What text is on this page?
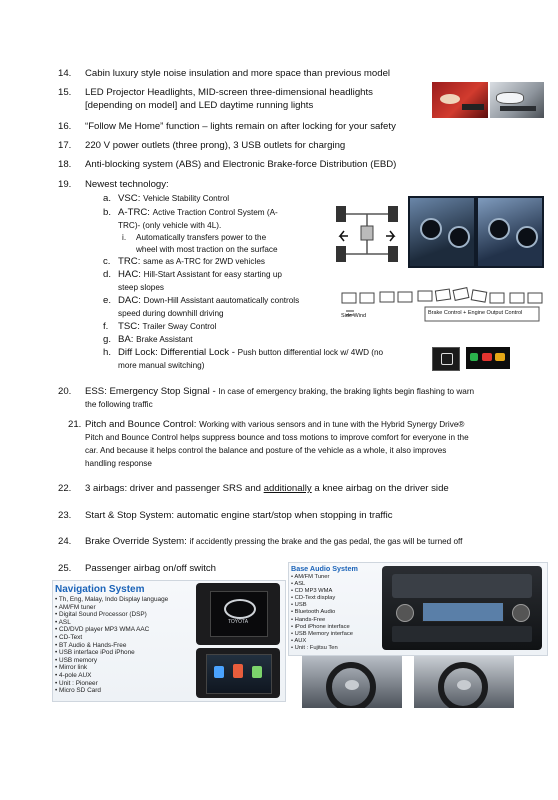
14. Cabin luxury style noise insulation and more space than previous model
15. LED Projector Headlights, MID-screen three-dimensional headlights
[depending on model] and LED daytime running lights
16. “Follow Me Home” function – lights remain on after locking for your safety
17. 220 V power outlets (three prong), 3 USB outlets for charging
18. Anti-blocking system (ABS) and Electronic Brake-force Distribution (EBD)
19. Newest technology:
a. VSC: Vehicle Stability Control
b. A-TRC: Active Traction Control System (A-
TRC)- (only vehicle with 4L).
i. Automatically transfers power to the
wheel with most traction on the surface
c. TRC: same as A-TRC for 2WD vehicles
d. HAC: Hill-Start Assistant for easy starting up
steep slopes
e. DAC: Down-Hill Assistant aautomatically controls
speed during downhill driving
f. TSC: Trailer Sway Control
g. BA: Brake Assistant
h. Diff Lock: Differential Lock - Push button differential lock w/ 4WD (no
more manual switching)
Side Wind	Brake Control + Engine Output Control
20. ESS: Emergency Stop Signal - In case of emergency braking, the braking lights begin flashing to warn
the following traffic
21. Pitch and Bounce Control: Working with various sensors and in tune with the Hybrid Synergy Drive®
Pitch and Bounce Control helps suppress bounce and toss motions to improve comfort for everyone in the
car. And because it helps control the balance and posture of the vehicle as a whole, it also improves
handling response
22. 3 airbags: driver and passenger SRS and additionally a knee airbag on the driver side
23. Start & Stop System: automatic engine start/stop when stopping in traffic
24. Brake Override System: if accidently pressing the brake and the gas pedal, the gas will be turned off
25. Passenger airbag on/off switch
Navigation System
• Th, Eng, Malay, Indo Display language
• AM/FM tuner
• Digital Sound Processor (DSP)
• ASL
• CD/DVD player MP3 WMA AAC
• CD-Text
• BT Audio & Hands-Free
• USB interface iPod iPhone
• USB memory
• Mirror link
• 4-pole AUX
• Unit : Pioneer
• Micro SD Card
TOYOTA
Base Audio System
• AM/FM Tuner
• ASL
• CD MP3 WMA
• CD-Text display
• USB
• Bluetooth Audio
• Hands-Free
• iPod iPhone interface
• USB Memory interface
• AUX
• Unit : Fujitsu Ten
